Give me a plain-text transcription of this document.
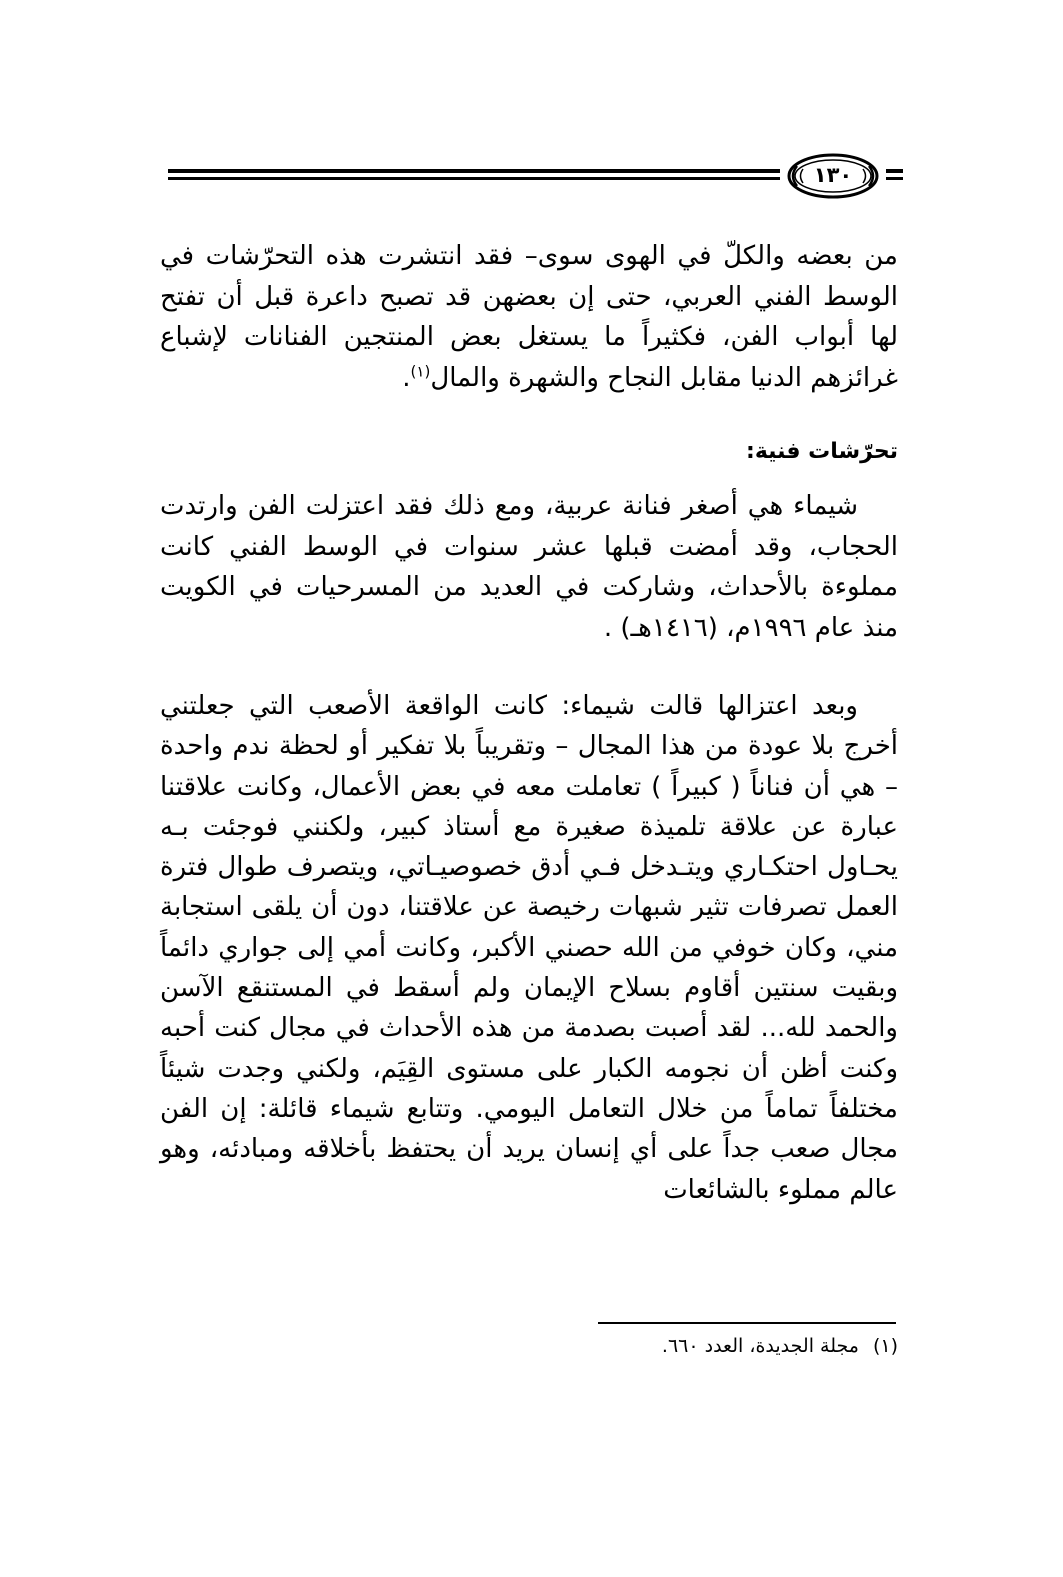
١٣٠
من بعضه والكلّ في الهوى سوى– فقد انتشرت هذه التحرّشات في الوسط الفني العربي، حتى إن بعضهن قد تصبح داعرة قبل أن تفتح لها أبواب الفن، فكثيراً ما يستغل بعض المنتجين الفنانات لإشباع غرائزهم الدنيا مقابل النجاح والشهرة والمال$^{(١)}$.
تحرّشات فنية:
شيماء هي أصغر فنانة عربية، ومع ذلك فقد اعتزلت الفن وارتدت الحجاب، وقد أمضت قبلها عشر سنوات في الوسط الفني كانت مملوءة بالأحداث، وشاركت في العديد من المسرحيات في الكويت منذ عام ١٩٩٦م، (١٤١٦هـ) .
وبعد اعتزالها قالت شيماء: كانت الواقعة الأصعب التي جعلتني أخرج بلا عودة من هذا المجال – وتقريباً بلا تفكير أو لحظة ندم واحدة – هي أن فناناً ( كبيراً ) تعاملت معه في بعض الأعمال، وكانت علاقتنا عبارة عن علاقة تلميذة صغيرة مع أستاذ كبير، ولكنني فوجئت بـه يحـاول احتكـاري ويتـدخل فـي أدق خصوصيـاتي، ويتصرف طوال فترة العمل تصرفات تثير شبهات رخيصة عن علاقتنا، دون أن يلقى استجابة مني، وكان خوفي من الله حصني الأكبر، وكانت أمي إلى جواري دائماً وبقيت سنتين أقاوم بسلاح الإيمان ولم أسقط في المستنقع الآسن والحمد لله... لقد أصبت بصدمة من هذه الأحداث في مجال كنت أحبه وكنت أظن أن نجومه الكبار على مستوى القِيَم، ولكني وجدت شيئاً مختلفاً تماماً من خلال التعامل اليومي. وتتابع شيماء قائلة: إن الفن مجال صعب جداً على أي إنسان يريد أن يحتفظ بأخلاقه ومبادئه، وهو عالم مملوء بالشائعات
(١)مجلة الجديدة، العدد ٦٦٠.
